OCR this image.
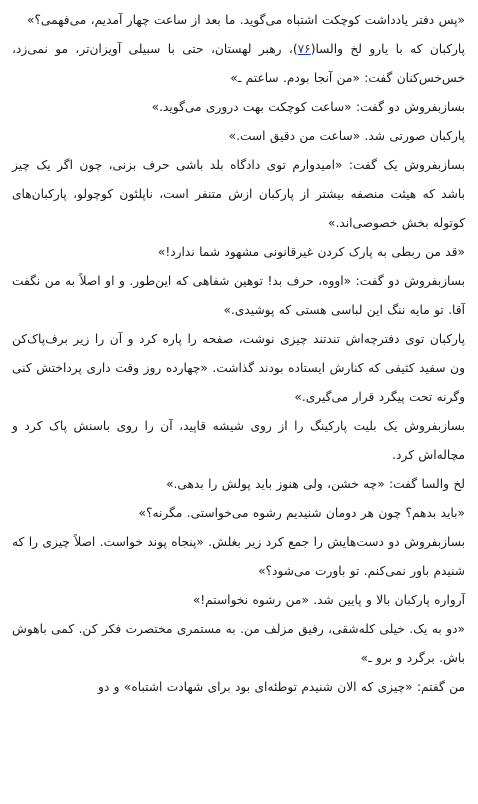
«پس دفتر یادداشت کوچکت اشتباه می‌گوید. ما بعد از ساعت چهار آمدیم، می‌فهمی؟»

پارکبان که با یارو لخ والسا(۷۶)، رهبر لهستان، حتی با سبیلی آویزان‌تر، مو نمی‌زد، خس‌خس‌کنان گفت: «من آنجا بودم. ساعتم ـ»

بسازبفروش دو گفت: «ساعت کوچکت بهت دروری می‌گوید.»

پارکبان صورتی شد. «ساعت من دقیق است.»

بسازبفروش یک گفت: «امیدوارم توی دادگاه بلد باشی حرف بزنی، چون اگر یک چیز باشد که هیئت منصفه بیشتر از پارکبان ازش متنفر است، ناپلئون کوچولو، پارکبان‌های کوتوله بخش خصوصی‌اند.»

«قد من ربطی به پارک کردن غیرقانونی مشهود شما ندارد!»

بسازبفروش دو گفت: «اووه، حرف بد! توهین شفاهی که این‌طور. و او اصلاً به من نگفت آقا. تو مایه ننگ این لباسی هستی که پوشیدی.»

پارکبان توی دفترچه‌اش تندتند چیزی نوشت، صفحه را پاره کرد و آن را زیر برف‌پاک‌کن ون سفید کثیفی که کنارش ایستاده بودند گذاشت. «چهارده روز وقت داری پرداختش کنی وگرنه تحت پیگرد قرار می‌گیری.»

بسازبفروش یک بلیت پارکینگ را از روی شیشه قاپید، آن را روی باسنش پاک کرد و مچاله‌اش کرد.

لخ والسا گفت: «چه خشن، ولی هنوز باید پولش را بدهی.»

«باید بدهم؟ چون هر دومان شنیدیم رشوه می‌خواستی. مگرنه؟»

بسازبفروش دو دست‌هایش را جمع کرد زیر بغلش. «پنجاه پوند خواست. اصلاً چیزی را که شنیدم باور نمی‌کنم. تو باورت می‌شود؟»

آرواره پارکبان بالا و پایین شد. «من رشوه نخواستم!»

«دو به یک. خیلی کله‌شقی، رفیق مزلف من. به مستمری مختصرت فکر کن. کمی باهوش باش. برگرد و برو ـ»

من گفتم: «چیزی که الان شنیدم توطئه‌ای بود برای شهادت اشتباه» و دو
